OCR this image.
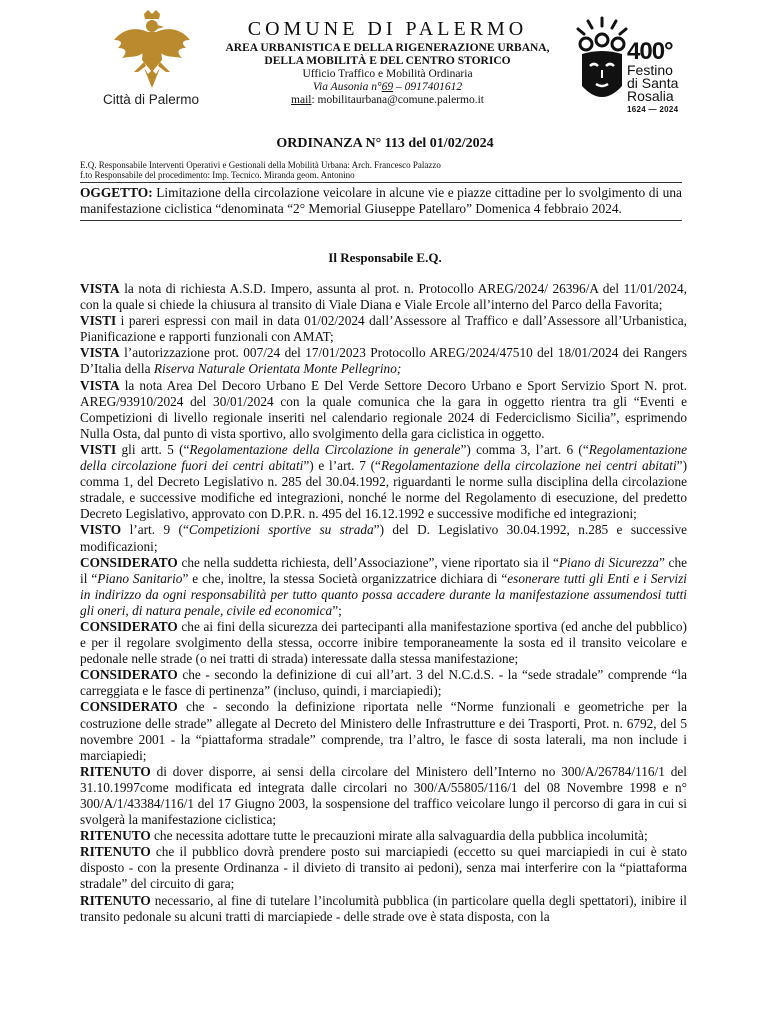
Città di Palermo
COMUNE DI PALERMO
AREA URBANISTICA E DELLA RIGENERAZIONE URBANA,
DELLA MOBILITÀ E DEL CENTRO STORICO
Ufficio Traffico e Mobilità Ordinaria
Via Ausonia n°69 – 0917401612
mail: mobilitaurbana@comune.palermo.it
400°
Festino
di Santa
Rosalia
1624 — 2024
ORDINANZA N° 113 del 01/02/2024
E.Q. Responsabile Interventi Operativi e Gestionali della Mobilità Urbana: Arch. Francesco Palazzo
f.to Responsabile del procedimento: Imp. Tecnico. Miranda geom. Antonino
OGGETTO: Limitazione della circolazione veicolare in alcune vie e piazze cittadine per lo svolgimento di una manifestazione ciclistica “denominata “2° Memorial Giuseppe Patellaro” Domenica 4 febbraio 2024.
Il Responsabile E.Q.

VISTA la nota di richiesta A.S.D. Impero, assunta al prot. n. Protocollo AREG/2024/ 26396/A del 11/01/2024, con la quale si chiede la chiusura al transito di Viale Diana e Viale Ercole all’interno del Parco della Favorita;

VISTI i pareri espressi con mail in data 01/02/2024 dall’Assessore al Traffico e dall’Assessore all’Urbanistica, Pianificazione e rapporti funzionali con AMAT;

VISTA l’autorizzazione prot. 007/24 del 17/01/2023 Protocollo AREG/2024/47510 del 18/01/2024 dei Rangers D’Italia della Riserva Naturale Orientata Monte Pellegrino;

VISTA la nota Area Del Decoro Urbano E Del Verde Settore Decoro Urbano e Sport Servizio Sport N. prot. AREG/93910/2024 del 30/01/2024 con la quale comunica che la gara in oggetto rientra tra gli “Eventi e Competizioni di livello regionale inseriti nel calendario regionale 2024 di Federciclismo Sicilia”, esprimendo Nulla Osta, dal punto di vista sportivo, allo svolgimento della gara ciclistica in oggetto.

VISTI gli artt. 5 (“Regolamentazione della Circolazione in generale”) comma 3, l’art. 6 (“Regolamentazione della circolazione fuori dei centri abitati”) e l’art. 7 (“Regolamentazione della circolazione nei centri abitati”) comma 1, del Decreto Legislativo n. 285 del 30.04.1992, riguardanti le norme sulla disciplina della circolazione stradale, e successive modifiche ed integrazioni, nonché le norme del Regolamento di esecuzione, del predetto Decreto Legislativo, approvato con D.P.R. n. 495 del 16.12.1992 e successive modifiche ed integrazioni;

VISTO l’art. 9 (“Competizioni sportive su strada”) del D. Legislativo 30.04.1992, n.285 e successive modificazioni;

CONSIDERATO che nella suddetta richiesta, dell’Associazione”, viene riportato sia il “Piano di Sicurezza” che il “Piano Sanitario” e che, inoltre, la stessa Società organizzatrice dichiara di “esonerare tutti gli Enti e i Servizi in indirizzo da ogni responsabilità per tutto quanto possa accadere durante la manifestazione assumendosi tutti gli oneri, di natura penale, civile ed economica”;

CONSIDERATO che ai fini della sicurezza dei partecipanti alla manifestazione sportiva (ed anche del pubblico) e per il regolare svolgimento della stessa, occorre inibire temporaneamente la sosta ed il transito veicolare e pedonale nelle strade (o nei tratti di strada) interessate dalla stessa manifestazione;

CONSIDERATO che - secondo la definizione di cui all’art. 3 del N.C.d.S. - la “sede stradale” comprende “la carreggiata e le fasce di pertinenza” (incluso, quindi, i marciapiedi);

CONSIDERATO che - secondo la definizione riportata nelle “Norme funzionali e geometriche per la costruzione delle strade” allegate al Decreto del Ministero delle Infrastrutture e dei Trasporti, Prot. n. 6792, del 5 novembre 2001 - la “piattaforma stradale” comprende, tra l’altro, le fasce di sosta laterali, ma non include i marciapiedi;

RITENUTO di dover disporre, ai sensi della circolare del Ministero dell’Interno no 300/A/26784/116/1 del 31.10.1997come modificata ed integrata dalle circolari no 300/A/55805/116/1 del 08 Novembre 1998 e n° 300/A/1/43384/116/1 del 17 Giugno 2003, la sospensione del traffico veicolare lungo il percorso di gara in cui si svolgerà la manifestazione ciclistica;

RITENUTO che necessita adottare tutte le precauzioni mirate alla salvaguardia della pubblica incolumità;

RITENUTO che il pubblico dovrà prendere posto sui marciapiedi (eccetto su quei marciapiedi in cui è stato disposto - con la presente Ordinanza - il divieto di transito ai pedoni), senza mai interferire con la “piattaforma stradale” del circuito di gara;

RITENUTO necessario, al fine di tutelare l’incolumità pubblica (in particolare quella degli spettatori), inibire il transito pedonale su alcuni tratti di marciapiede - delle strade ove è stata disposta, con la
